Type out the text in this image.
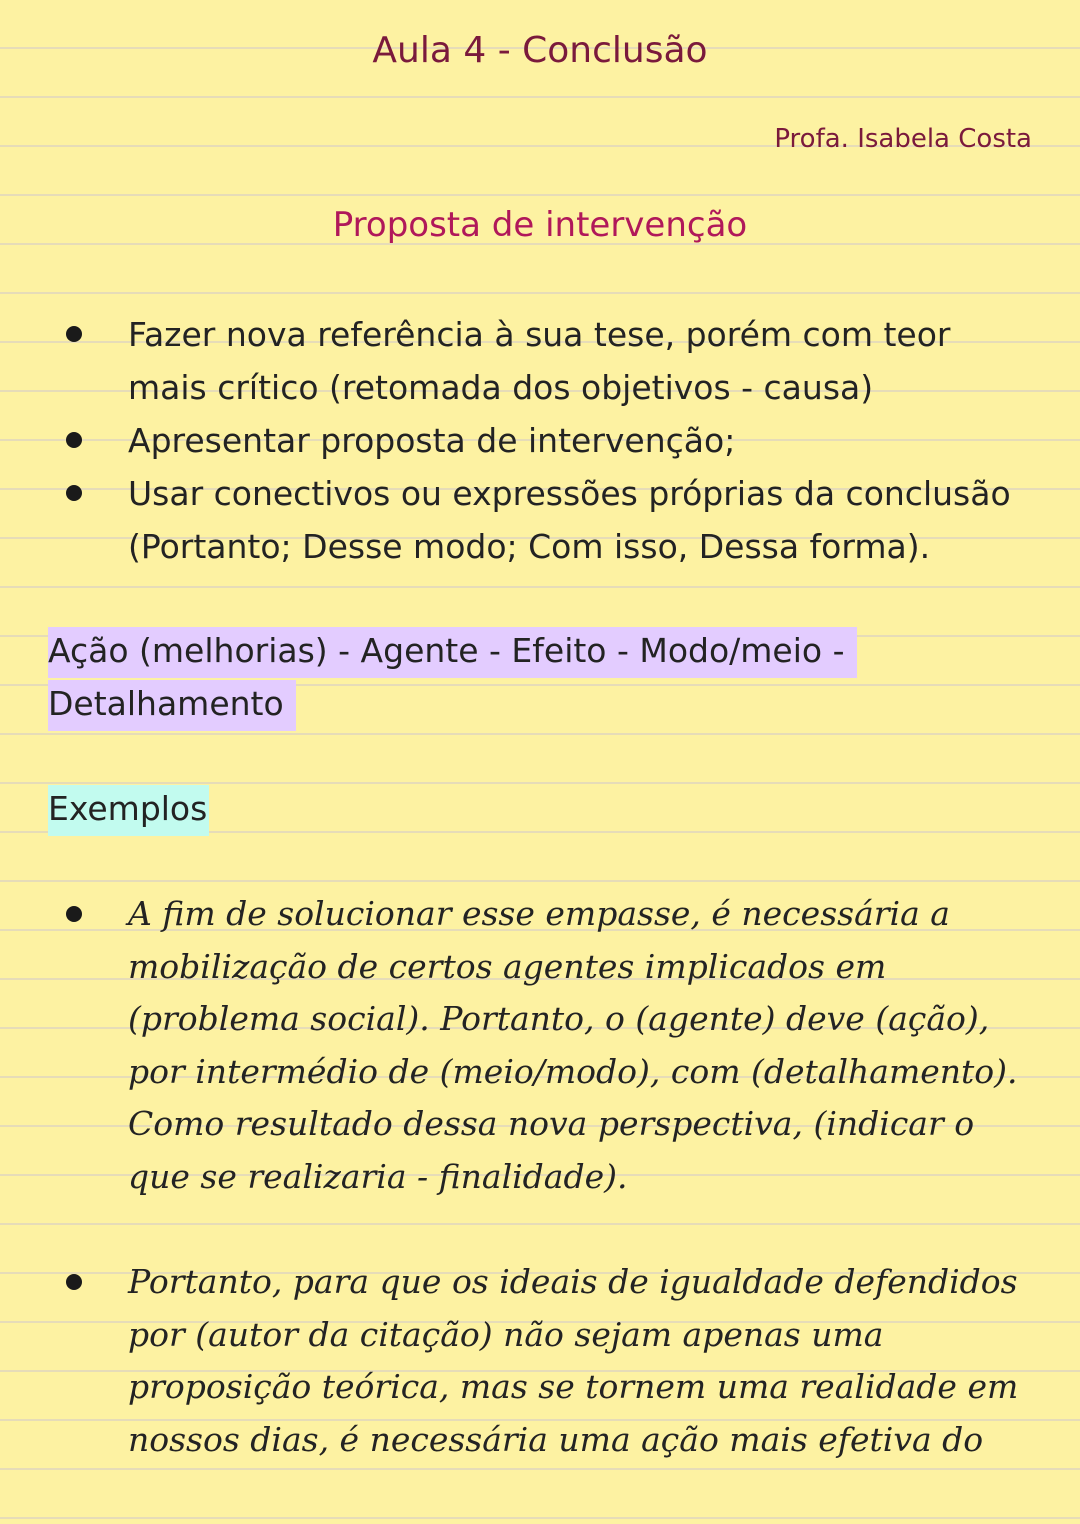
Aula 4 - Conclusão
Profa. Isabela Costa
Proposta de intervenção
Fazer nova referência à sua tese, porém com teor mais crítico (retomada dos objetivos - causa)
Apresentar proposta de intervenção;
Usar conectivos ou expressões próprias da conclusão (Portanto; Desse modo; Com isso, Dessa forma).
Ação (melhorias) - Agente - Efeito - Modo/meio - Detalhamento
Exemplos
A fim de solucionar esse empasse, é necessária a mobilização de certos agentes implicados em (problema social). Portanto, o (agente) deve (ação), por intermédio de (meio/modo), com (detalhamento). Como resultado dessa nova perspectiva, (indicar o que se realizaria - finalidade).
Portanto, para que os ideais de igualdade defendidos por (autor da citação) não sejam apenas uma proposição teórica, mas se tornem uma realidade em nossos dias, é necessária uma ação mais efetiva do
